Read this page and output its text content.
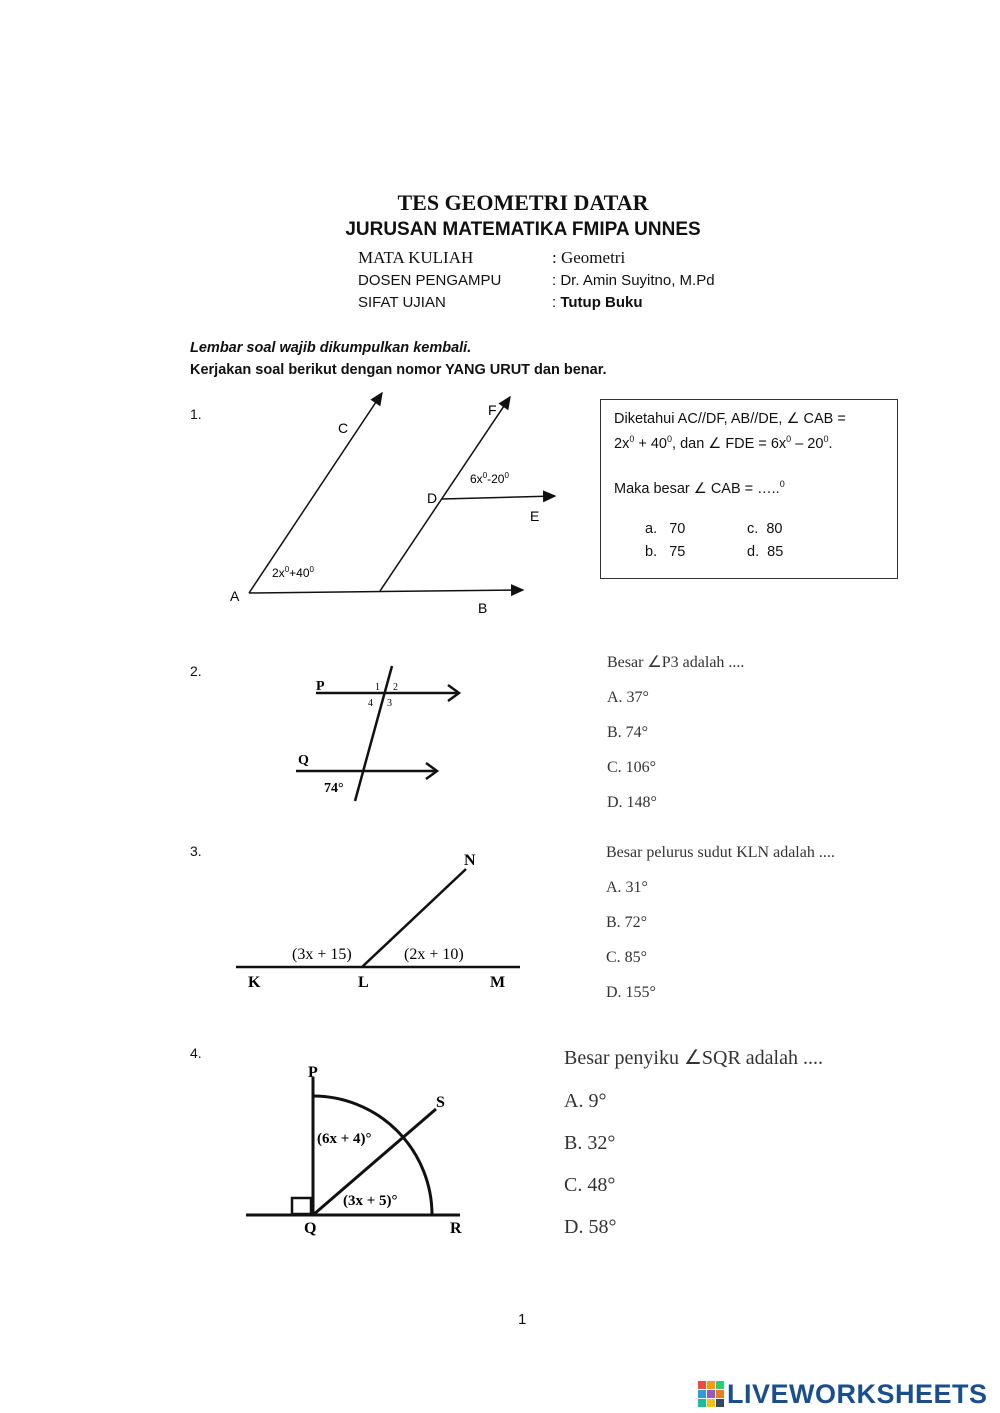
TES GEOMETRI DATAR
JURUSAN MATEMATIKA FMIPA UNNES
MATA KULIAH	: Geometri
DOSEN PENGAMPU	: Dr. Amin Suyitno, M.Pd
SIFAT UJIAN	: Tutup Buku
Lembar soal wajib dikumpulkan kembali.
Kerjakan soal berikut dengan nomor YANG URUT dan benar.
1.
C
F
D
E
A
B
$2x^0+40^0$
$6x^0-20^0$
Diketahui AC//DF, AB//DE, ∠ CAB =
$2x^0 + 40^0$, dan ∠ FDE = $6x^0 - 20^0$.
Maka besar ∠ CAB = …..$^0$
a. 70
b. 75
c. 80
d. 85
2.
P
Q
1 2
4 3
74°
Besar ∠P3 adalah ....
A. 37°
B. 74°
C. 106°
D. 148°
3.
N
(3x + 15)	(2x + 10)
K	L	M
Besar pelurus sudut KLN adalah ....
A. 31°
B. 72°
C. 85°
D. 155°
4.
P
S
Q	R
(6x + 4)°
(3x + 5)°
Besar penyiku ∠SQR adalah ....
A. 9°
B. 32°
C. 48°
D. 58°
1
LIVEWORKSHEETS
